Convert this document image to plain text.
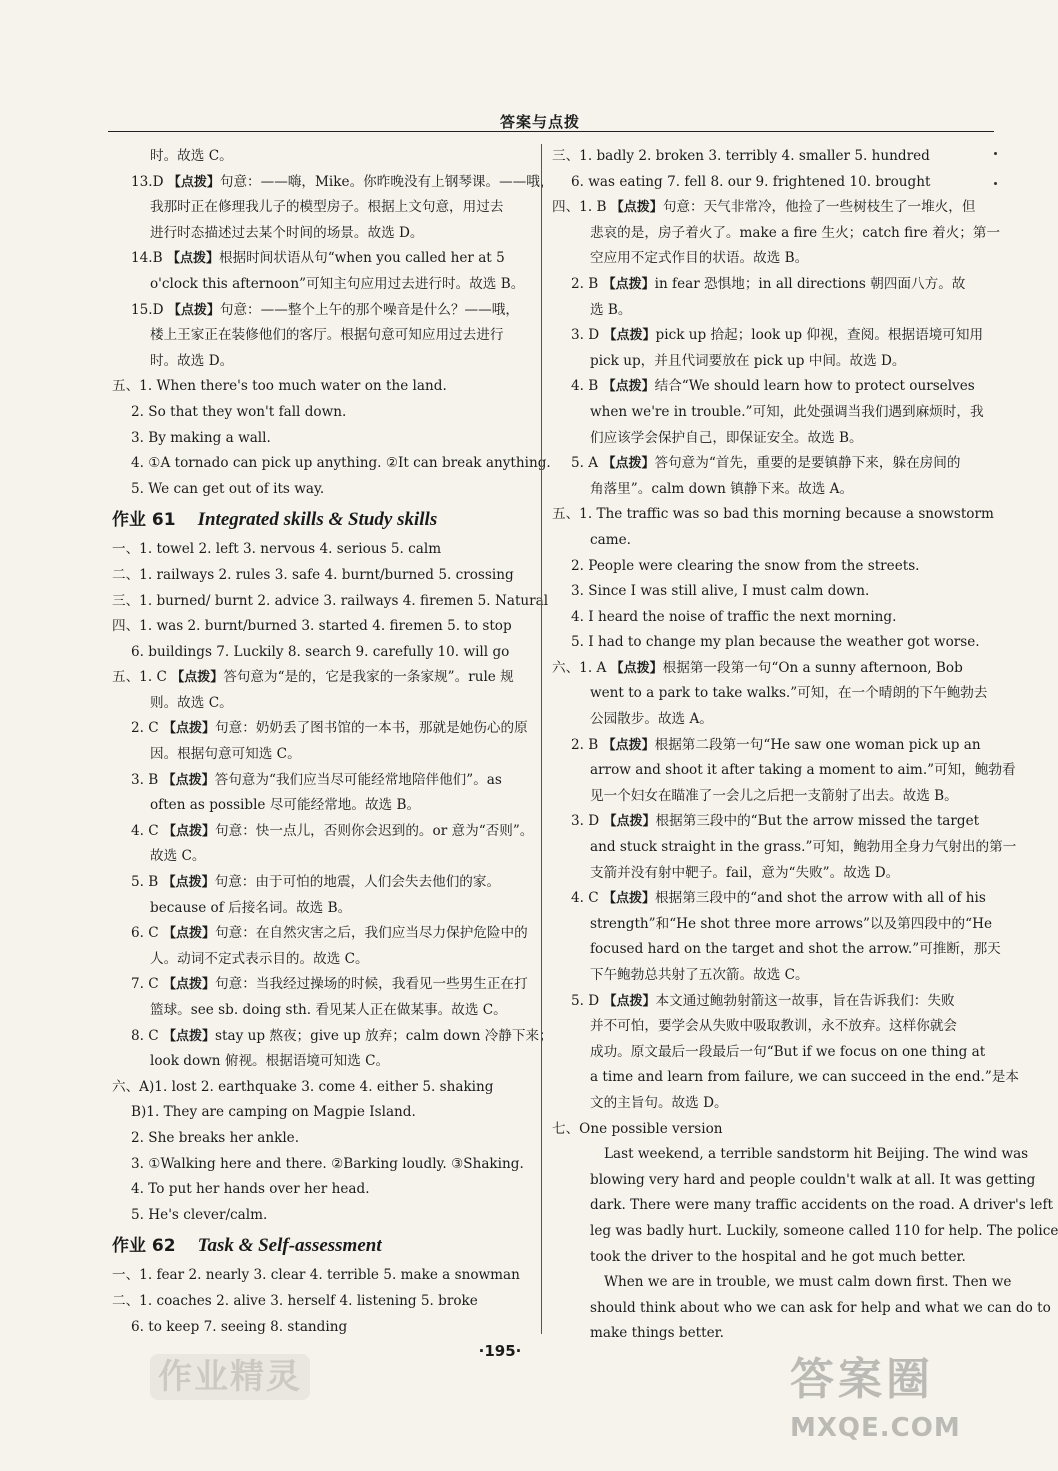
答案与点拨
时。故选 C。
13.D 【点拨】句意：——嗨，Mike。你昨晚没有上钢琴课。——哦，
我那时正在修理我儿子的模型房子。根据上文句意，用过去
进行时态描述过去某个时间的场景。故选 D。
14.B 【点拨】根据时间状语从句“when you called her at 5
o'clock this afternoon”可知主句应用过去进行时。故选 B。
15.D 【点拨】句意：——整个上午的那个噪音是什么？——哦，
楼上王家正在装修他们的客厅。根据句意可知应用过去进行
时。故选 D。
五、1. When there's too much water on the land.
2. So that they won't fall down.
3. By making a wall.
4. ①A tornado can pick up anything. ②It can break anything.
5. We can get out of its way.
作业 61 Integrated skills & Study skills
一、1. towel 2. left 3. nervous 4. serious 5. calm
二、1. railways 2. rules 3. safe 4. burnt/burned 5. crossing
三、1. burned/ burnt 2. advice 3. railways 4. firemen 5. Natural
四、1. was 2. burnt/burned 3. started 4. firemen 5. to stop
6. buildings 7. Luckily 8. search 9. carefully 10. will go
五、1. C 【点拨】答句意为“是的，它是我家的一条家规”。rule 规
则。故选 C。
2. C 【点拨】句意：奶奶丢了图书馆的一本书，那就是她伤心的原
因。根据句意可知选 C。
3. B 【点拨】答句意为“我们应当尽可能经常地陪伴他们”。as
often as possible 尽可能经常地。故选 B。
4. C 【点拨】句意：快一点儿，否则你会迟到的。or 意为“否则”。
故选 C。
5. B 【点拨】句意：由于可怕的地震，人们会失去他们的家。
because of 后接名词。故选 B。
6. C 【点拨】句意：在自然灾害之后，我们应当尽力保护危险中的
人。动词不定式表示目的。故选 C。
7. C 【点拨】句意：当我经过操场的时候，我看见一些男生正在打
篮球。see sb. doing sth. 看见某人正在做某事。故选 C。
8. C 【点拨】stay up 熬夜；give up 放弃；calm down 冷静下来；
look down 俯视。根据语境可知选 C。
六、A)1. lost 2. earthquake 3. come 4. either 5. shaking
B)1. They are camping on Magpie Island.
2. She breaks her ankle.
3. ①Walking here and there. ②Barking loudly. ③Shaking.
4. To put her hands over her head.
5. He's clever/calm.
作业 62 Task & Self-assessment
一、1. fear 2. nearly 3. clear 4. terrible 5. make a snowman
二、1. coaches 2. alive 3. herself 4. listening 5. broke
6. to keep 7. seeing 8. standing
三、1. badly 2. broken 3. terribly 4. smaller 5. hundred
6. was eating 7. fell 8. our 9. frightened 10. brought
四、1. B 【点拨】句意：天气非常冷，他捡了一些树枝生了一堆火，但
悲哀的是，房子着火了。make a fire 生火；catch fire 着火；第一
空应用不定式作目的状语。故选 B。
2. B 【点拨】in fear 恐惧地；in all directions 朝四面八方。故
选 B。
3. D 【点拨】pick up 拾起；look up 仰视，查阅。根据语境可知用
pick up，并且代词要放在 pick up 中间。故选 D。
4. B 【点拨】结合“We should learn how to protect ourselves
when we're in trouble.”可知，此处强调当我们遇到麻烦时，我
们应该学会保护自己，即保证安全。故选 B。
5. A 【点拨】答句意为“首先，重要的是要镇静下来，躲在房间的
角落里”。calm down 镇静下来。故选 A。
五、1. The traffic was so bad this morning because a snowstorm
came.
2. People were clearing the snow from the streets.
3. Since I was still alive, I must calm down.
4. I heard the noise of traffic the next morning.
5. I had to change my plan because the weather got worse.
六、1. A 【点拨】根据第一段第一句“On a sunny afternoon, Bob
went to a park to take walks.”可知，在一个晴朗的下午鲍勃去
公园散步。故选 A。
2. B 【点拨】根据第二段第一句“He saw one woman pick up an
arrow and shoot it after taking a moment to aim.”可知，鲍勃看
见一个妇女在瞄准了一会儿之后把一支箭射了出去。故选 B。
3. D 【点拨】根据第三段中的“But the arrow missed the target
and stuck straight in the grass.”可知，鲍勃用全身力气射出的第一
支箭并没有射中靶子。fail，意为“失败”。故选 D。
4. C 【点拨】根据第三段中的“and shot the arrow with all of his
strength”和“He shot three more arrows”以及第四段中的“He
focused hard on the target and shot the arrow.”可推断，那天
下午鲍勃总共射了五次箭。故选 C。
5. D 【点拨】本文通过鲍勃射箭这一故事，旨在告诉我们：失败
并不可怕，要学会从失败中吸取教训，永不放弃。这样你就会
成功。原文最后一段最后一句“But if we focus on one thing at
a time and learn from failure, we can succeed in the end.”是本
文的主旨句。故选 D。
七、One possible version
Last weekend, a terrible sandstorm hit Beijing. The wind was
blowing very hard and people couldn't walk at all. It was getting
dark. There were many traffic accidents on the road. A driver's left
leg was badly hurt. Luckily, someone called 110 for help. The police
took the driver to the hospital and he got much better.
When we are in trouble, we must calm down first. Then we
should think about who we can ask for help and what we can do to
make things better.
·195·
作业精灵	答案圈
MXQE.COM
